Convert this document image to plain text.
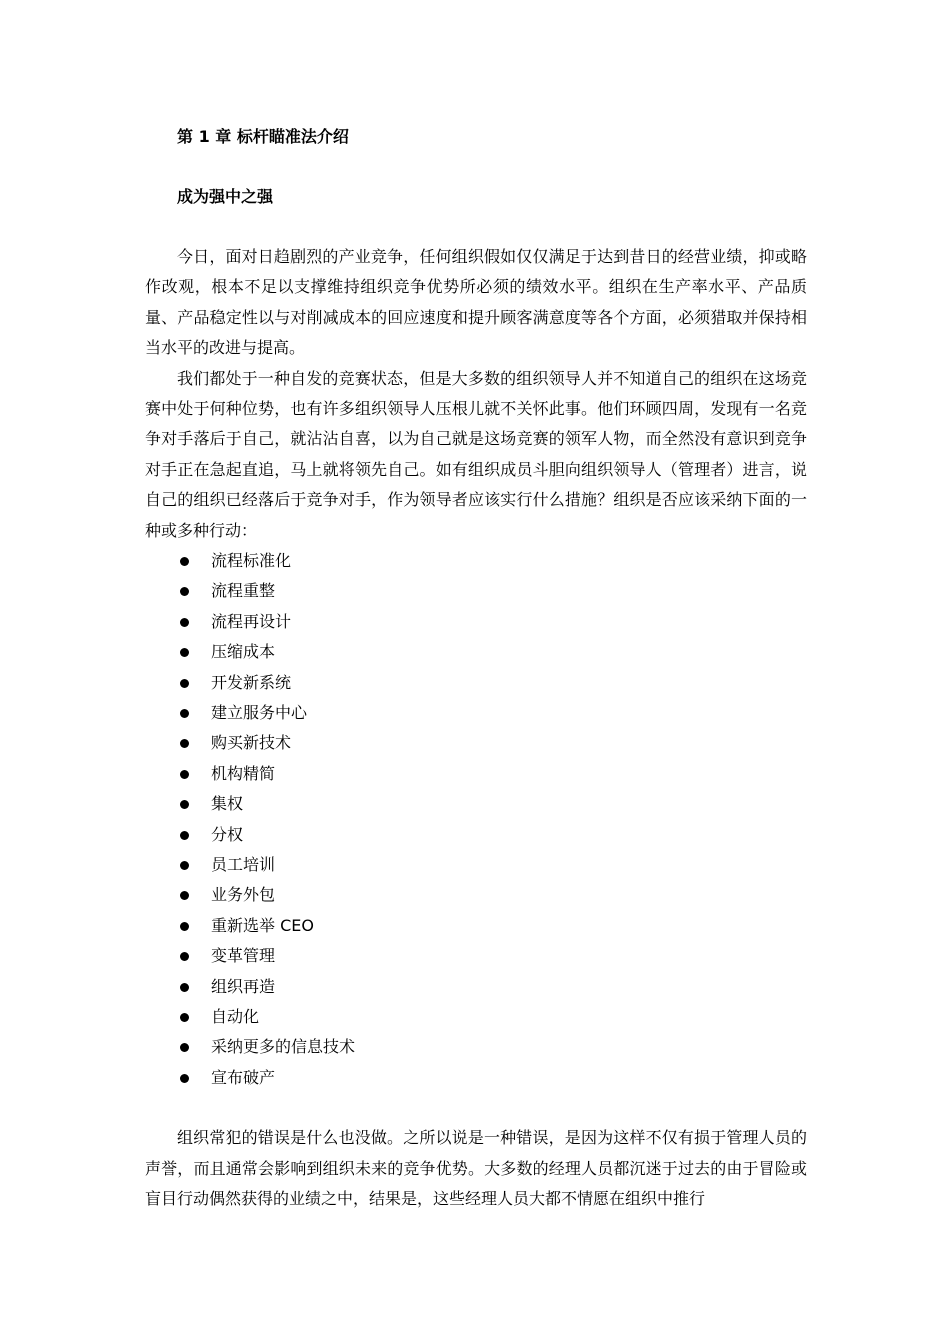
第 1 章 标杆瞄准法介绍
成为强中之强

今日，面对日趋剧烈的产业竞争，任何组织假如仅仅满足于达到昔日的经营业绩，抑或略作改观，根本不足以支撑维持组织竞争优势所必须的绩效水平。组织在生产率水平、产品质量、产品稳定性以与对削减成本的回应速度和提升顾客满意度等各个方面，必须猎取并保持相当水平的改进与提高。

我们都处于一种自发的竞赛状态，但是大多数的组织领导人并不知道自己的组织在这场竞赛中处于何种位势，也有许多组织领导人压根儿就不关怀此事。他们环顾四周，发现有一名竞争对手落后于自己，就沾沾自喜，以为自己就是这场竞赛的领军人物，而全然没有意识到竞争对手正在急起直追，马上就将领先自己。如有组织成员斗胆向组织领导人（管理者）进言，说自己的组织已经落后于竞争对手，作为领导者应该实行什么措施？组织是否应该采纳下面的一种或多种行动：

流程标准化
流程重整
流程再设计
压缩成本
开发新系统
建立服务中心
购买新技术
机构精简
集权
分权
员工培训
业务外包
重新选举 CEO
变革管理
组织再造
自动化
采纳更多的信息技术
宣布破产

组织常犯的错误是什么也没做。之所以说是一种错误，是因为这样不仅有损于管理人员的声誉，而且通常会影响到组织未来的竞争优势。大多数的经理人员都沉迷于过去的由于冒险或盲目行动偶然获得的业绩之中，结果是，这些经理人员大都不情愿在组织中推行
